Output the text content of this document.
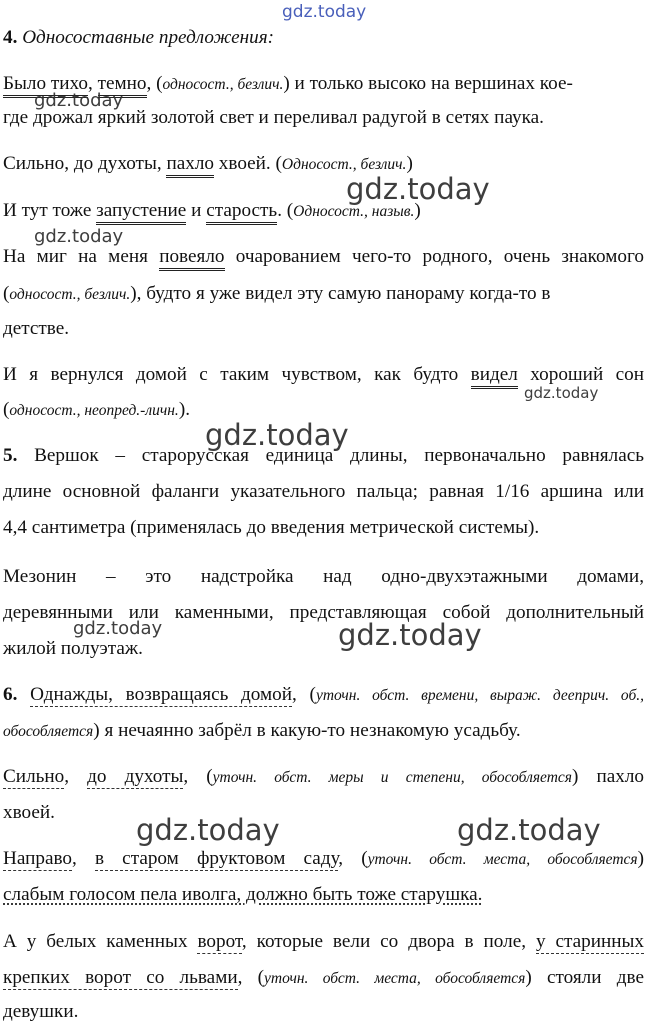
4. Односоставные предложения:
Было тихо, темно, (односост., безлич.) и только высоко на вершинах кое-
где дрожал яркий золотой свет и переливал радугой в сетях паука.
Сильно, до духоты, пахло хвоей. (Односост., безлич.)
И тут тоже запустение и старость. (Односост., назыв.)
На миг на меня повеяло очарованием чего-то родного, очень знакомого
(односост., безлич.), будто я уже видел эту самую панораму когда-то в
детстве.
И я вернулся домой с таким чувством, как будто видел хороший сон
(односост., неопред.-личн.).
5. Вершок – старорусская единица длины, первоначально равнялась
длине основной фаланги указательного пальца; равная 1/16 аршина или
4,4 сантиметра (применялась до введения метрической системы).
Мезонин – это надстройка над одно-двухэтажными домами,
деревянными или каменными, представляющая собой дополнительный
жилой полуэтаж.
6. Однажды, возвращаясь домой, (уточн. обст. времени, выраж. дееприч. об.,
обособляется) я нечаянно забрёл в какую-то незнакомую усадьбу.
Сильно, до духоты, (уточн. обст. меры и степени, обособляется) пахло
хвоей.
Направо, в старом фруктовом саду, (уточн. обст. места, обособляется)
слабым голосом пела иволга, должно быть тоже старушка.
А у белых каменных ворот, которые вели со двора в поле, у старинных
крепких ворот со львами, (уточн. обст. места, обособляется) стояли две
девушки.
gdz.today
gdz.today
gdz.today
gdz.today
gdz.today
gdz.today
gdz.today	gdz.today
gdz.today	gdz.today
